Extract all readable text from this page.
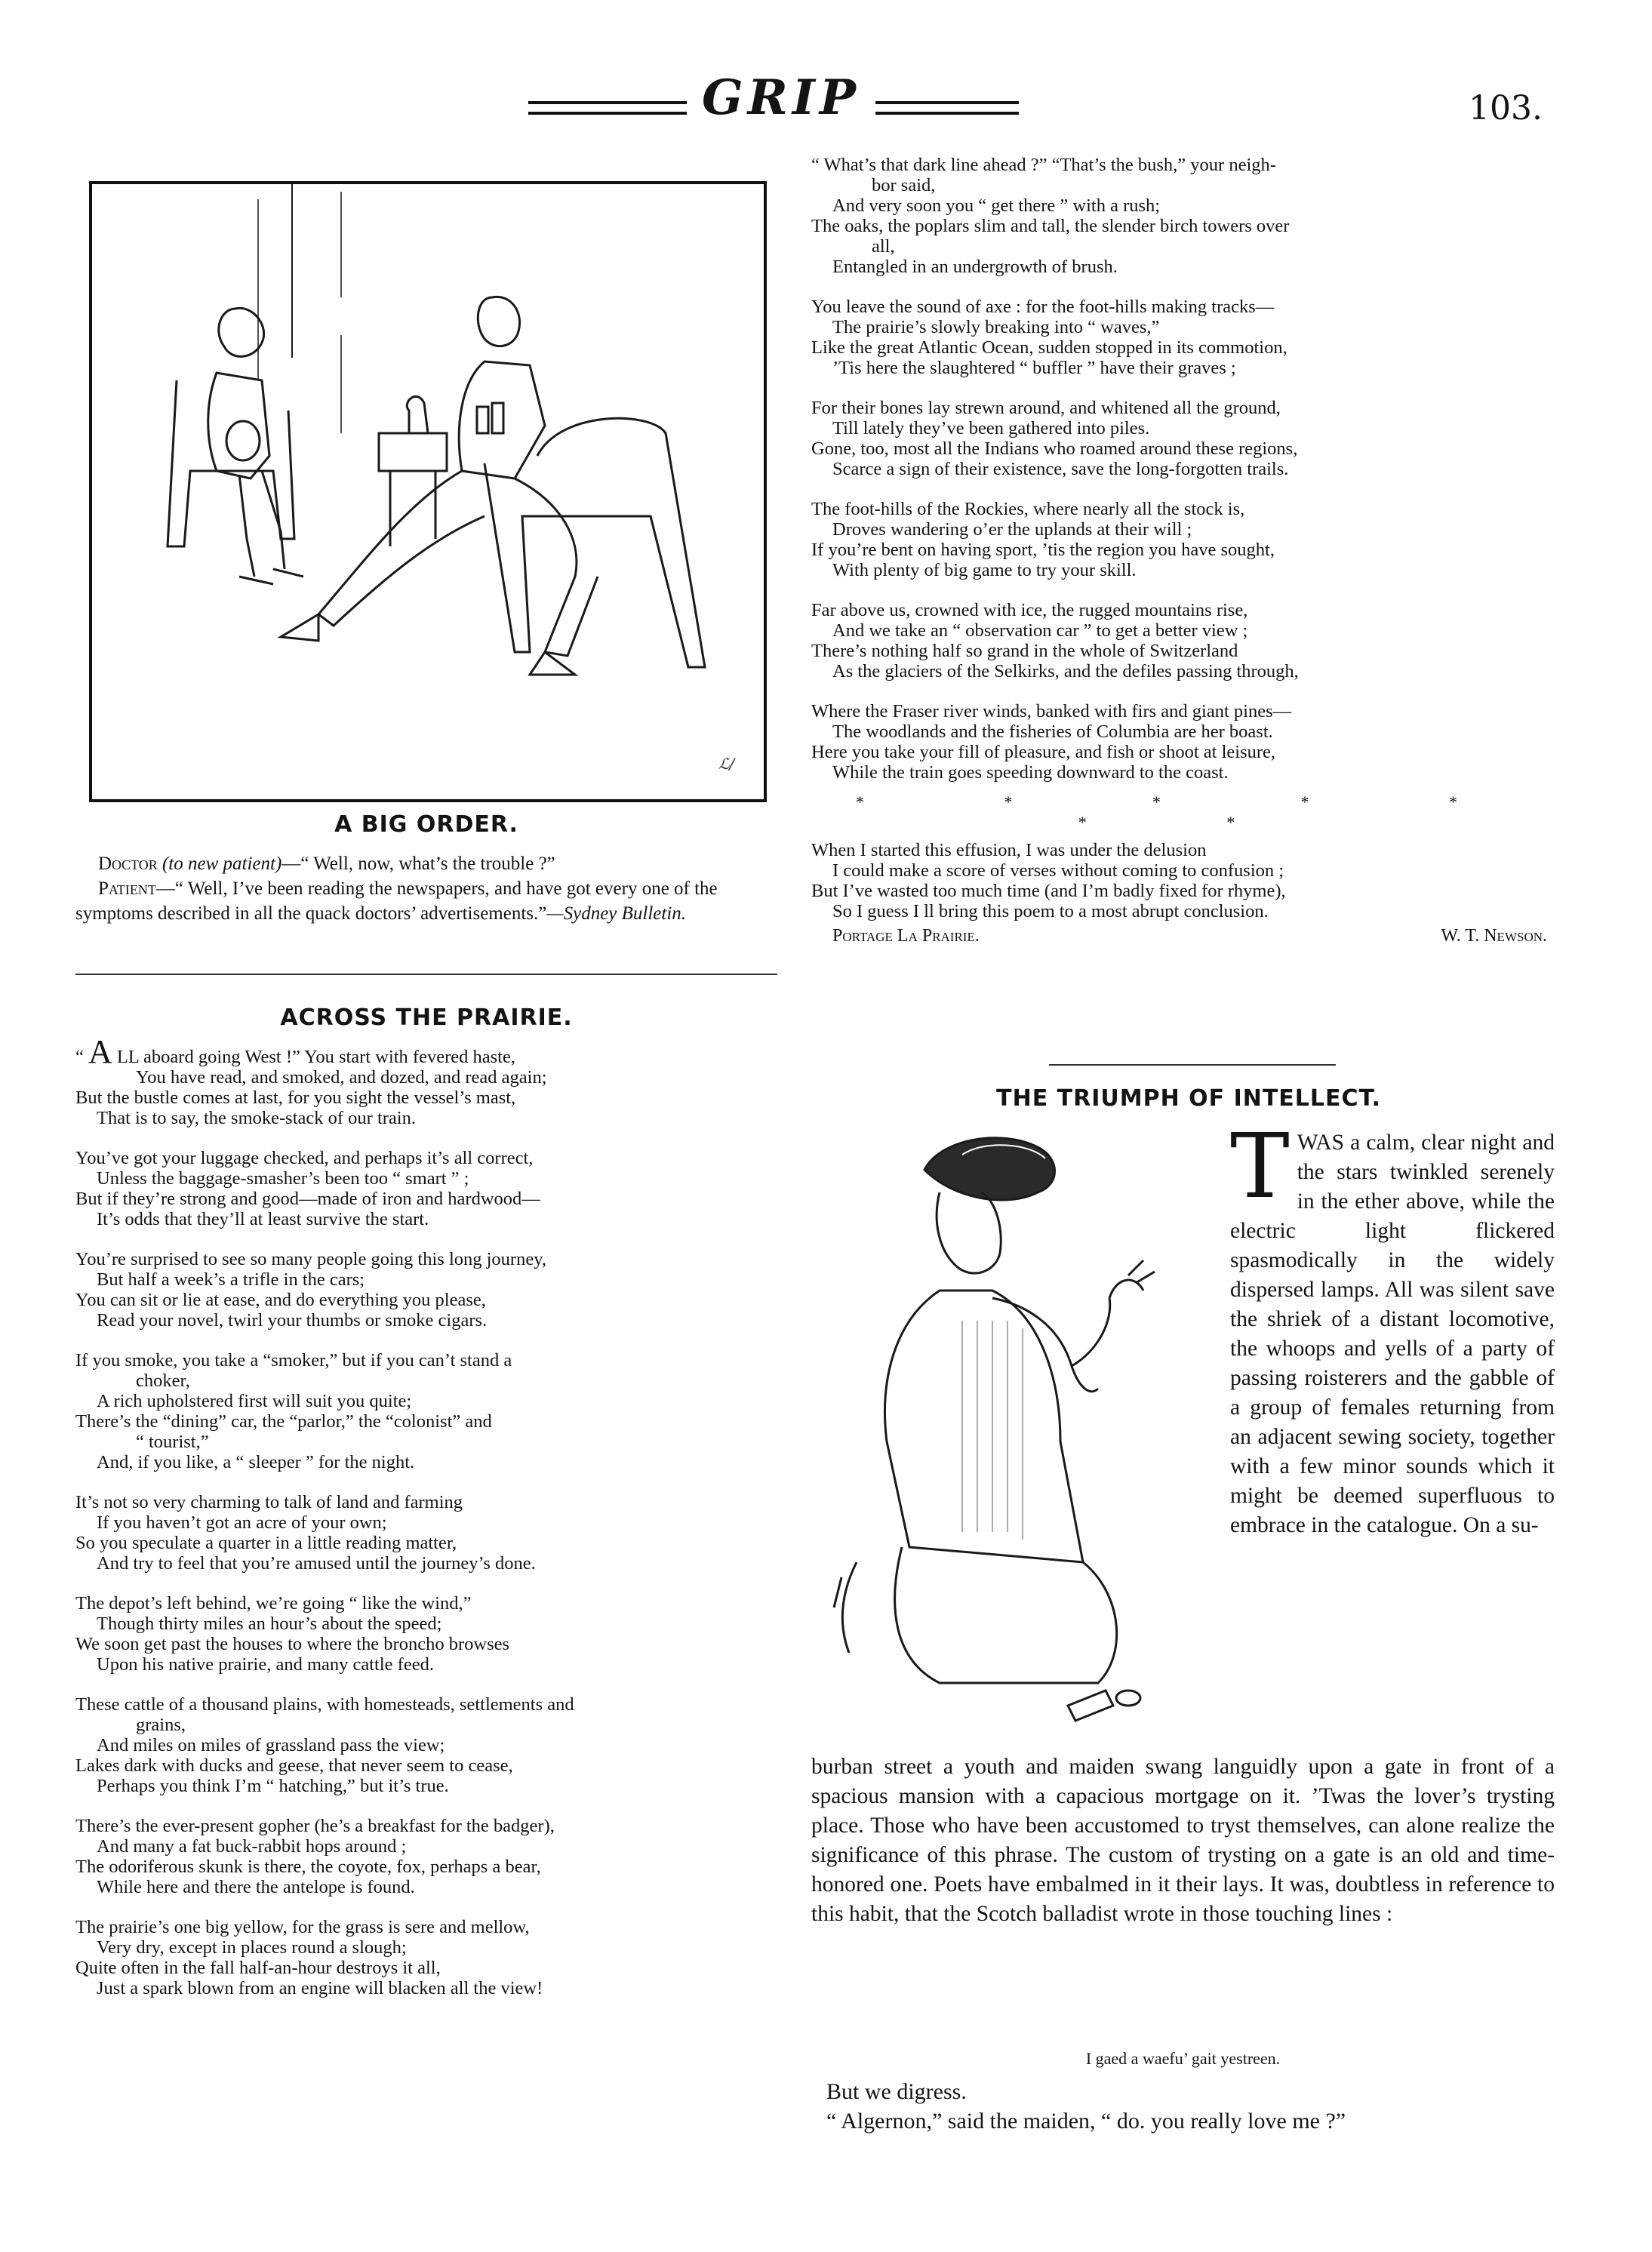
GRIP	103.
ℒ/
A BIG ORDER.
Doctor (to new patient)—“ Well, now, what’s the trouble ?”
Patient—“ Well, I’ve been reading the newspapers, and have got every one of the symptoms described in all the quack doctors’ advertisements.”—Sydney Bulletin.
ACROSS THE PRAIRIE.
“ A LL aboard going West !” You start with fevered haste,
You have read, and smoked, and dozed, and read again;
But the bustle comes at last, for you sight the vessel’s mast,
That is to say, the smoke-stack of our train.
You’ve got your luggage checked, and perhaps it’s all correct,
Unless the baggage-smasher’s been too “ smart ” ;
But if they’re strong and good—made of iron and hardwood—
It’s odds that they’ll at least survive the start.
You’re surprised to see so many people going this long journey,
But half a week’s a trifle in the cars;
You can sit or lie at ease, and do everything you please,
Read your novel, twirl your thumbs or smoke cigars.
If you smoke, you take a “smoker,” but if you can’t stand a
choker,
A rich upholstered first will suit you quite;
There’s the “dining” car, the “parlor,” the “colonist” and
“ tourist,”
And, if you like, a “ sleeper ” for the night.
It’s not so very charming to talk of land and farming
If you haven’t got an acre of your own;
So you speculate a quarter in a little reading matter,
And try to feel that you’re amused until the journey’s done.
The depot’s left behind, we’re going “ like the wind,”
Though thirty miles an hour’s about the speed;
We soon get past the houses to where the broncho browses
Upon his native prairie, and many cattle feed.
These cattle of a thousand plains, with homesteads, settlements and
grains,
And miles on miles of grassland pass the view;
Lakes dark with ducks and geese, that never seem to cease,
Perhaps you think I’m “ hatching,” but it’s true.
There’s the ever-present gopher (he’s a breakfast for the badger),
And many a fat buck-rabbit hops around ;
The odoriferous skunk is there, the coyote, fox, perhaps a bear,
While here and there the antelope is found.
The prairie’s one big yellow, for the grass is sere and mellow,
Very dry, except in places round a slough;
Quite often in the fall half-an-hour destroys it all,
Just a spark blown from an engine will blacken all the view!
“ What’s that dark line ahead ?” “That’s the bush,” your neigh-
bor said,
And very soon you “ get there ” with a rush;
The oaks, the poplars slim and tall, the slender birch towers over
all,
Entangled in an undergrowth of brush.
You leave the sound of axe : for the foot-hills making tracks—
The prairie’s slowly breaking into “ waves,”
Like the great Atlantic Ocean, sudden stopped in its commotion,
’Tis here the slaughtered “ buffler ” have their graves ;
For their bones lay strewn around, and whitened all the ground,
Till lately they’ve been gathered into piles.
Gone, too, most all the Indians who roamed around these regions,
Scarce a sign of their existence, save the long-forgotten trails.
The foot-hills of the Rockies, where nearly all the stock is,
Droves wandering o’er the uplands at their will ;
If you’re bent on having sport, ’tis the region you have sought,
With plenty of big game to try your skill.
Far above us, crowned with ice, the rugged mountains rise,
And we take an “ observation car ” to get a better view ;
There’s nothing half so grand in the whole of Switzerland
As the glaciers of the Selkirks, and the defiles passing through,
Where the Fraser river winds, banked with firs and giant pines—
The woodlands and the fisheries of Columbia are her boast.
Here you take your fill of pleasure, and fish or shoot at leisure,
While the train goes speeding downward to the coast.
* * * * * * *
When I started this effusion, I was under the delusion
I could make a score of verses without coming to confusion ;
But I’ve wasted too much time (and I’m badly fixed for rhyme),
So I guess I ll bring this poem to a most abrupt conclusion.
Portage La Prairie.	W. T. Newson.
THE TRIUMPH OF INTELLECT.
TWAS a calm, clear night and the stars twinkled serenely in the ether above, while the electric light flickered spasmodically in the widely dispersed lamps. All was silent save the shriek of a distant locomotive, the whoops and yells of a party of passing roisterers and the gabble of a group of females returning from an adjacent sewing society, together with a few minor sounds which it might be deemed superfluous to embrace in the catalogue. On a su-
burban street a youth and maiden swang languidly upon a gate in front of a spacious mansion with a capacious mortgage on it. ’Twas the lover’s trysting place. Those who have been accustomed to tryst themselves, can alone realize the significance of this phrase. The custom of trysting on a gate is an old and time-honored one. Poets have embalmed in it their lays. It was, doubtless in reference to this habit, that the Scotch balladist wrote in those touching lines :
I gaed a waefu’ gait yestreen.

But we digress.

“ Algernon,” said the maiden, “ do. you really love me ?”
